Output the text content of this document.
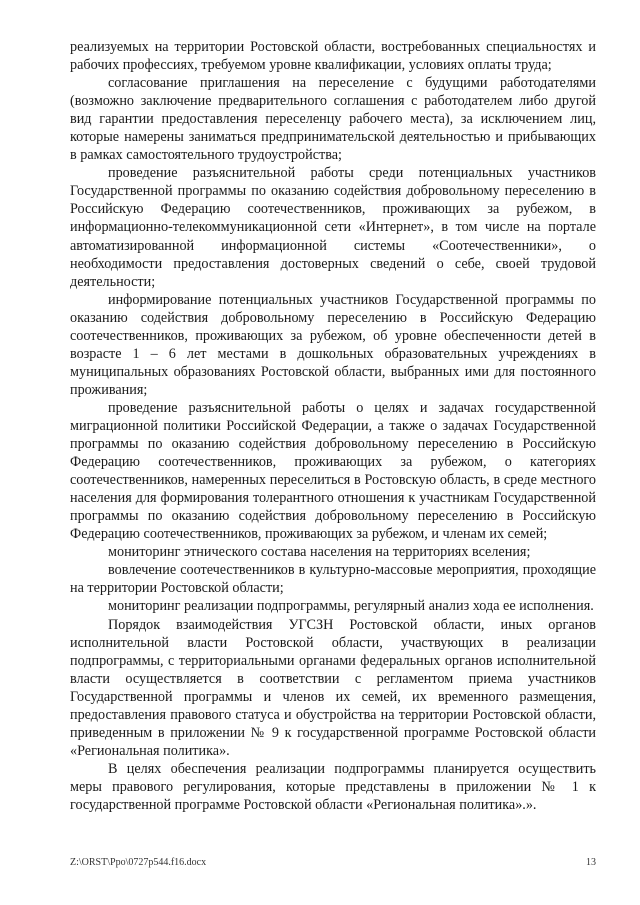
реализуемых на территории Ростовской области, востребованных специальностях и рабочих профессиях, требуемом уровне квалификации, условиях оплаты труда;

согласование приглашения на переселение с будущими работодателями (возможно заключение предварительного соглашения с работодателем либо другой вид гарантии предоставления переселенцу рабочего места), за исключением лиц, которые намерены заниматься предпринимательской деятельностью и прибывающих в рамках самостоятельного трудоустройства;

проведение разъяснительной работы среди потенциальных участников Государственной программы по оказанию содействия добровольному переселению в Российскую Федерацию соотечественников, проживающих за рубежом, в информационно-телекоммуникационной сети «Интернет», в том числе на портале автоматизированной информационной системы «Соотечественники», о необходимости предоставления достоверных сведений о себе, своей трудовой деятельности;

информирование потенциальных участников Государственной программы по оказанию содействия добровольному переселению в Российскую Федерацию соотечественников, проживающих за рубежом, об уровне обеспеченности детей в возрасте 1 – 6 лет местами в дошкольных образовательных учреждениях в муниципальных образованиях Ростовской области, выбранных ими для постоянного проживания;

проведение разъяснительной работы о целях и задачах государственной миграционной политики Российской Федерации, а также о задачах Государственной программы по оказанию содействия добровольному переселению в Российскую Федерацию соотечественников, проживающих за рубежом, о категориях соотечественников, намеренных переселиться в Ростовскую область, в среде местного населения для формирования толерантного отношения к участникам Государственной программы по оказанию содействия добровольному переселению в Российскую Федерацию соотечественников, проживающих за рубежом, и членам их семей;

мониторинг этнического состава населения на территориях вселения;

вовлечение соотечественников в культурно-массовые мероприятия, проходящие на территории Ростовской области;

мониторинг реализации подпрограммы, регулярный анализ хода ее исполнения.

Порядок взаимодействия УГСЗН Ростовской области, иных органов исполнительной власти Ростовской области, участвующих в реализации подпрограммы, с территориальными органами федеральных органов исполнительной власти осуществляется в соответствии с регламентом приема участников Государственной программы и членов их семей, их временного размещения, предоставления правового статуса и обустройства на территории Ростовской области, приведенным в приложении № 9 к государственной программе Ростовской области «Региональная политика».

В целях обеспечения реализации подпрограммы планируется осуществить меры правового регулирования, которые представлены в приложении № 1 к государственной программе Ростовской области «Региональная политика».».

Z:\ORST\Ppo\0727p544.f16.docx	13
